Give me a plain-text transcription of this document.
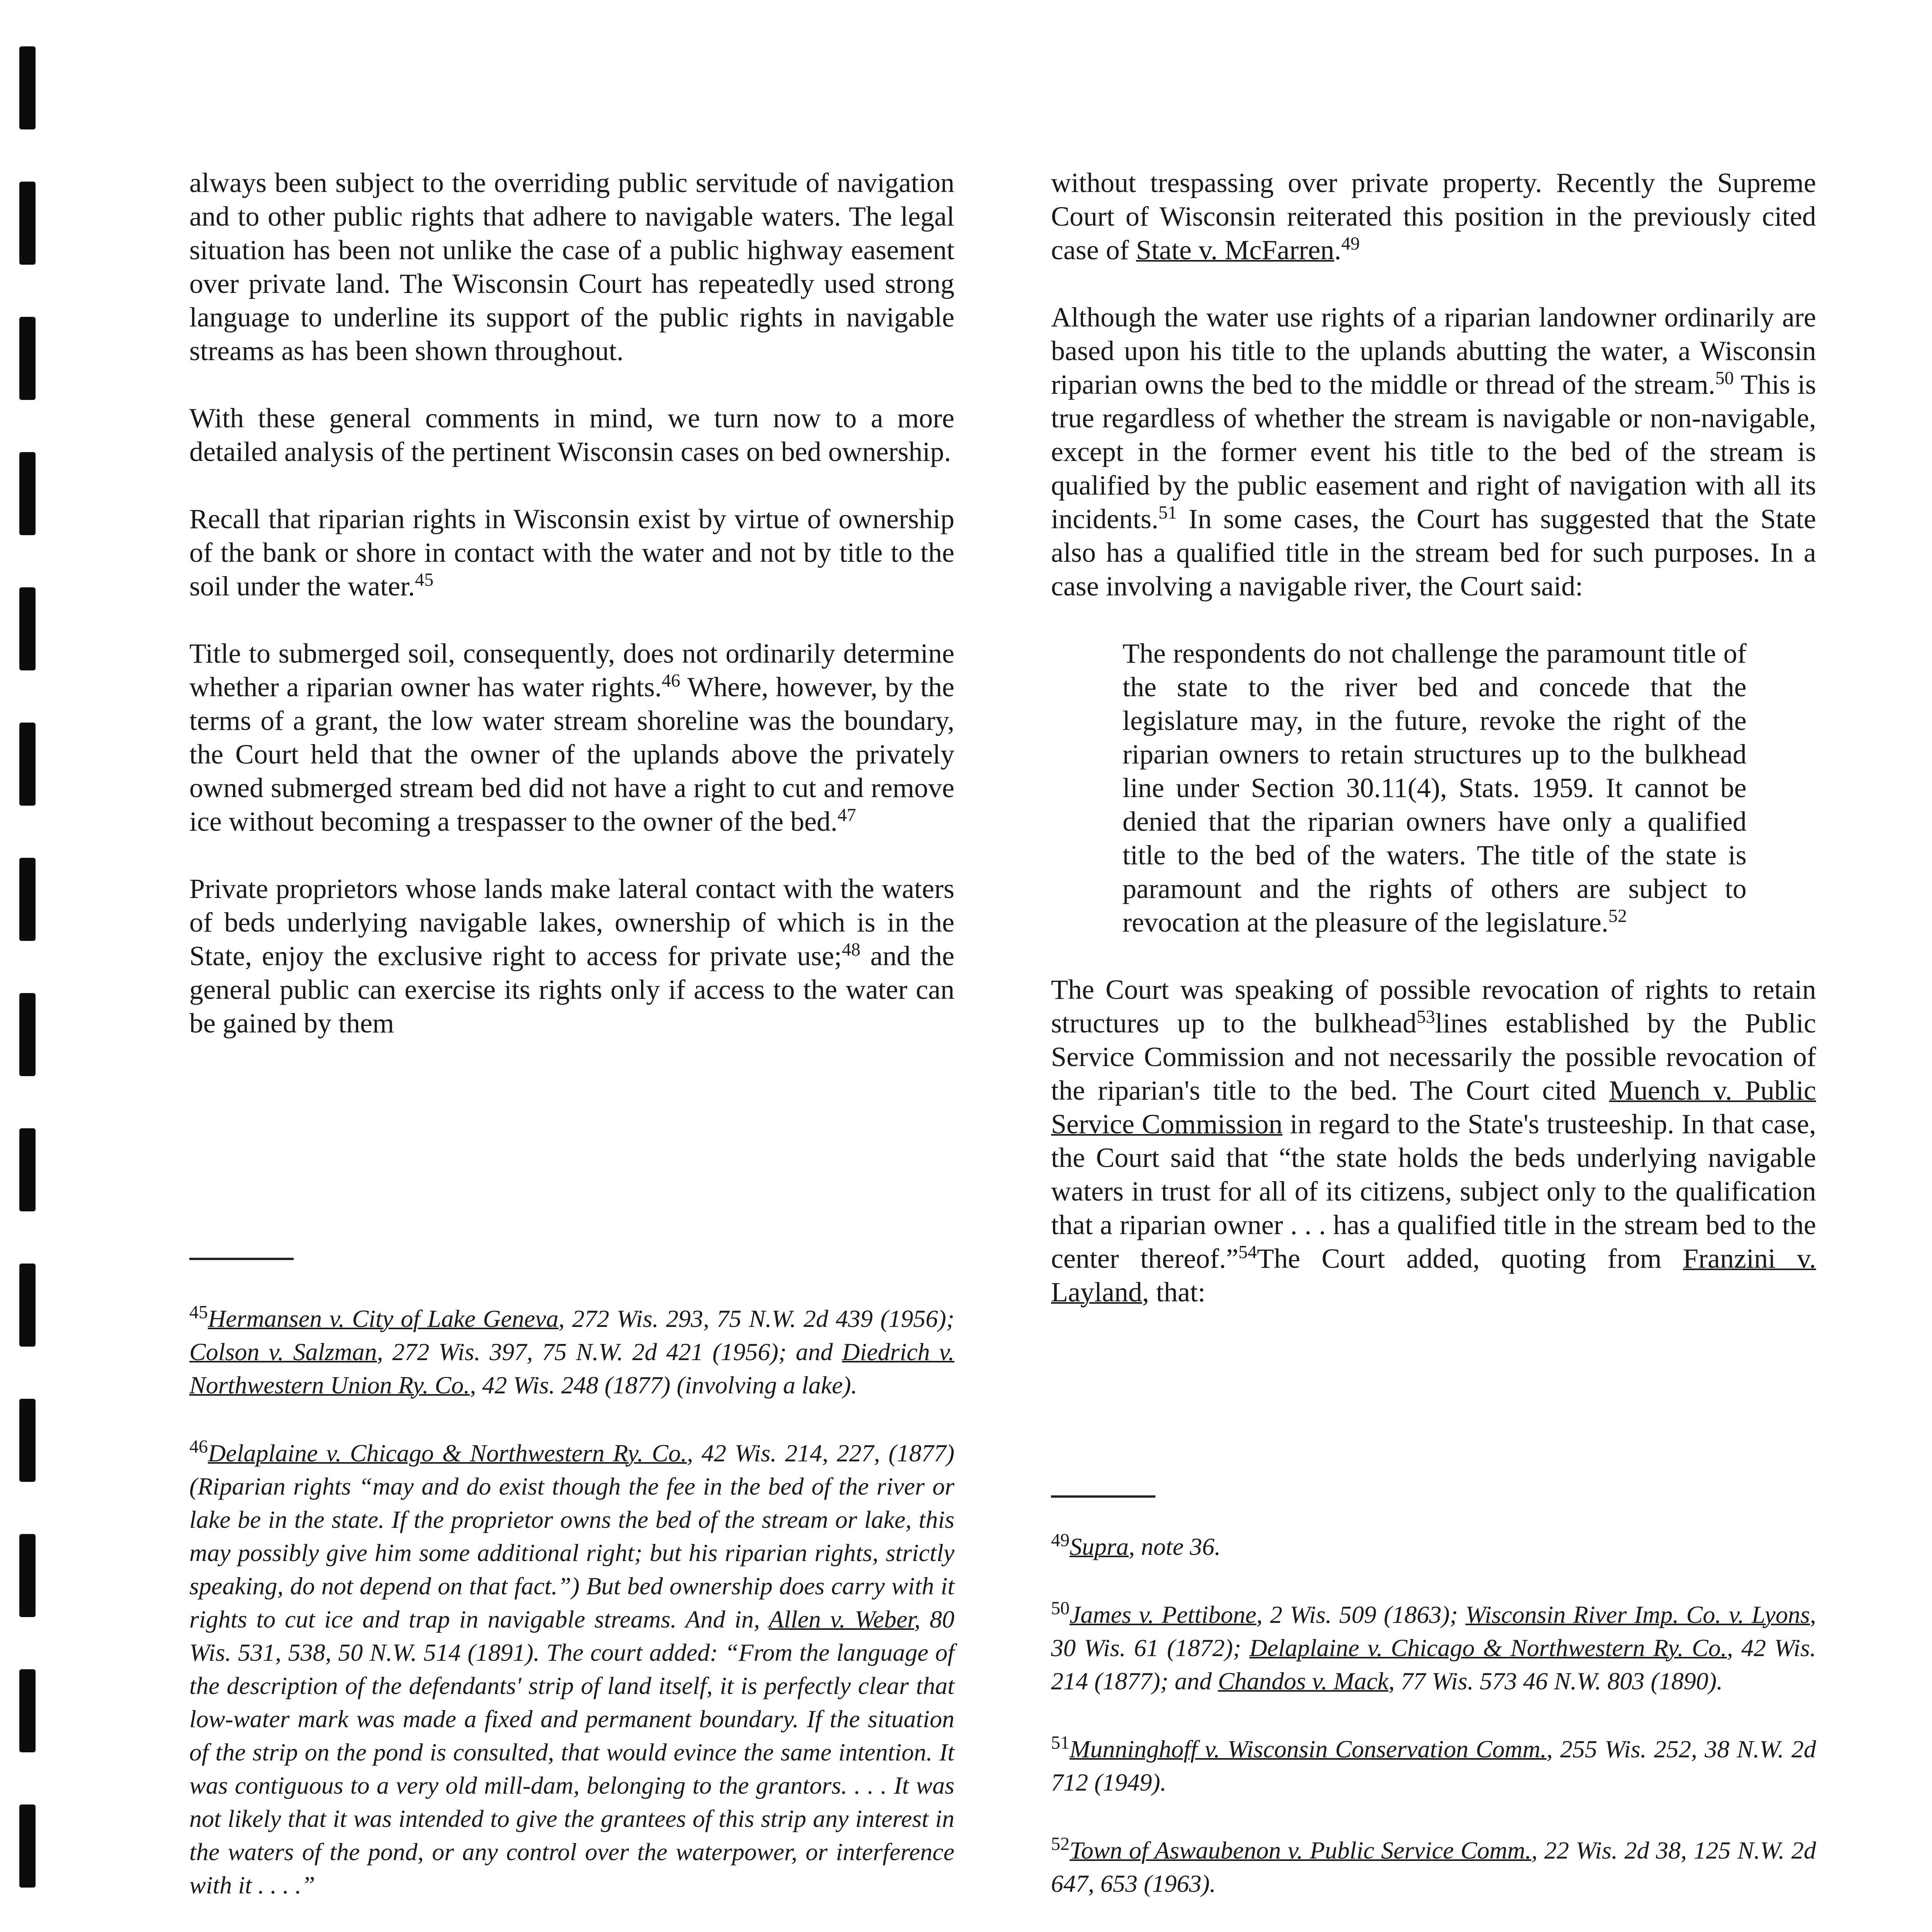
always been subject to the overriding public servitude of navigation and to other public rights that adhere to navigable waters. The legal situation has been not unlike the case of a public highway easement over private land. The Wisconsin Court has repeatedly used strong language to underline its support of the public rights in navigable streams as has been shown throughout.

With these general comments in mind, we turn now to a more detailed analysis of the pertinent Wisconsin cases on bed ownership.

Recall that riparian rights in Wisconsin exist by virtue of ownership of the bank or shore in contact with the water and not by title to the soil under the water.$^{45}$

Title to submerged soil, consequently, does not ordinarily determine whether a riparian owner has water rights.$^{46}$ Where, however, by the terms of a grant, the low water stream shoreline was the boundary, the Court held that the owner of the uplands above the privately owned submerged stream bed did not have a right to cut and remove ice without becoming a trespasser to the owner of the bed.$^{47}$

Private proprietors whose lands make lateral contact with the waters of beds underlying navigable lakes, ownership of which is in the State, enjoy the exclusive right to access for private use;$^{48}$ and the general public can exercise its rights only if access to the water can be gained by them

$^{45}$Hermansen v. City of Lake Geneva, 272 Wis. 293, 75 N.W. 2d 439 (1956); Colson v. Salzman, 272 Wis. 397, 75 N.W. 2d 421 (1956); and Diedrich v. Northwestern Union Ry. Co., 42 Wis. 248 (1877) (involving a lake).

$^{46}$Delaplaine v. Chicago & Northwestern Ry. Co., 42 Wis. 214, 227, (1877) (Riparian rights “may and do exist though the fee in the bed of the river or lake be in the state. If the proprietor owns the bed of the stream or lake, this may possibly give him some additional right; but his riparian rights, strictly speaking, do not depend on that fact.”) But bed ownership does carry with it rights to cut ice and trap in navigable streams. And in, Allen v. Weber, 80 Wis. 531, 538, 50 N.W. 514 (1891). The court added: “From the language of the description of the defendants' strip of land itself, it is perfectly clear that low-water mark was made a fixed and permanent boundary. If the situation of the strip on the pond is consulted, that would evince the same intention. It was contiguous to a very old mill-dam, belonging to the grantors. . . . It was not likely that it was intended to give the grantees of this strip any interest in the waters of the pond, or any control over the waterpower, or interference with it . . . .”

without trespassing over private property. Recently the Supreme Court of Wisconsin reiterated this position in the previously cited case of State v. McFarren.$^{49}$

Although the water use rights of a riparian landowner ordinarily are based upon his title to the uplands abutting the water, a Wisconsin riparian owns the bed to the middle or thread of the stream.$^{50}$ This is true regardless of whether the stream is navigable or non-navigable, except in the former event his title to the bed of the stream is qualified by the public easement and right of navigation with all its incidents.$^{51}$ In some cases, the Court has suggested that the State also has a qualified title in the stream bed for such purposes. In a case involving a navigable river, the Court said:

The respondents do not challenge the paramount title of the state to the river bed and concede that the legislature may, in the future, revoke the right of the riparian owners to retain structures up to the bulkhead line under Section 30.11(4), Stats. 1959. It cannot be denied that the riparian owners have only a qualified title to the bed of the waters. The title of the state is paramount and the rights of others are subject to revocation at the pleasure of the legislature.$^{52}$

The Court was speaking of possible revocation of rights to retain structures up to the bulkhead$^{53}$lines established by the Public Service Commission and not necessarily the possible revocation of the riparian's title to the bed. The Court cited Muench v. Public Service Commission in regard to the State's trusteeship. In that case, the Court said that “the state holds the beds underlying navigable waters in trust for all of its citizens, subject only to the qualification that a riparian owner . . . has a qualified title in the stream bed to the center thereof.”$^{54}$The Court added, quoting from Franzini v. Layland, that:

$^{49}$Supra, note 36.

$^{50}$James v. Pettibone, 2 Wis. 509 (1863); Wisconsin River Imp. Co. v. Lyons, 30 Wis. 61 (1872); Delaplaine v. Chicago & Northwestern Ry. Co., 42 Wis. 214 (1877); and Chandos v. Mack, 77 Wis. 573 46 N.W. 803 (1890).

$^{51}$Munninghoff v. Wisconsin Conservation Comm., 255 Wis. 252, 38 N.W. 2d 712 (1949).

$^{52}$Town of Aswaubenon v. Public Service Comm., 22 Wis. 2d 38, 125 N.W. 2d 647, 653 (1963).
